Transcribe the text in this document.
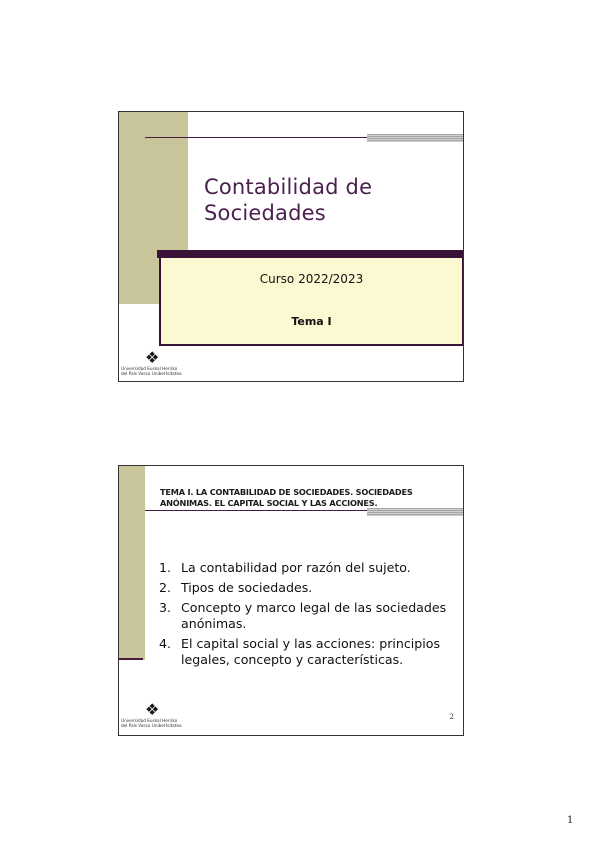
Contabilidad de
Sociedades
Curso 2022/2023
Tema I
❖
Universidad Euskal Herriko
del País Vasco Unibertsitatea
TEMA I. LA CONTABILIDAD DE SOCIEDADES. SOCIEDADES
ANÓNIMAS. EL CAPITAL SOCIAL Y LAS ACCIONES.
1. La contabilidad por razón del sujeto.
2. Tipos de sociedades.
3. Concepto y marco legal de las sociedades
anónimas.
4. El capital social y las acciones: principios
legales, concepto y características.
❖
Universidad Euskal Herriko
del País Vasco Unibertsitatea
2
1
